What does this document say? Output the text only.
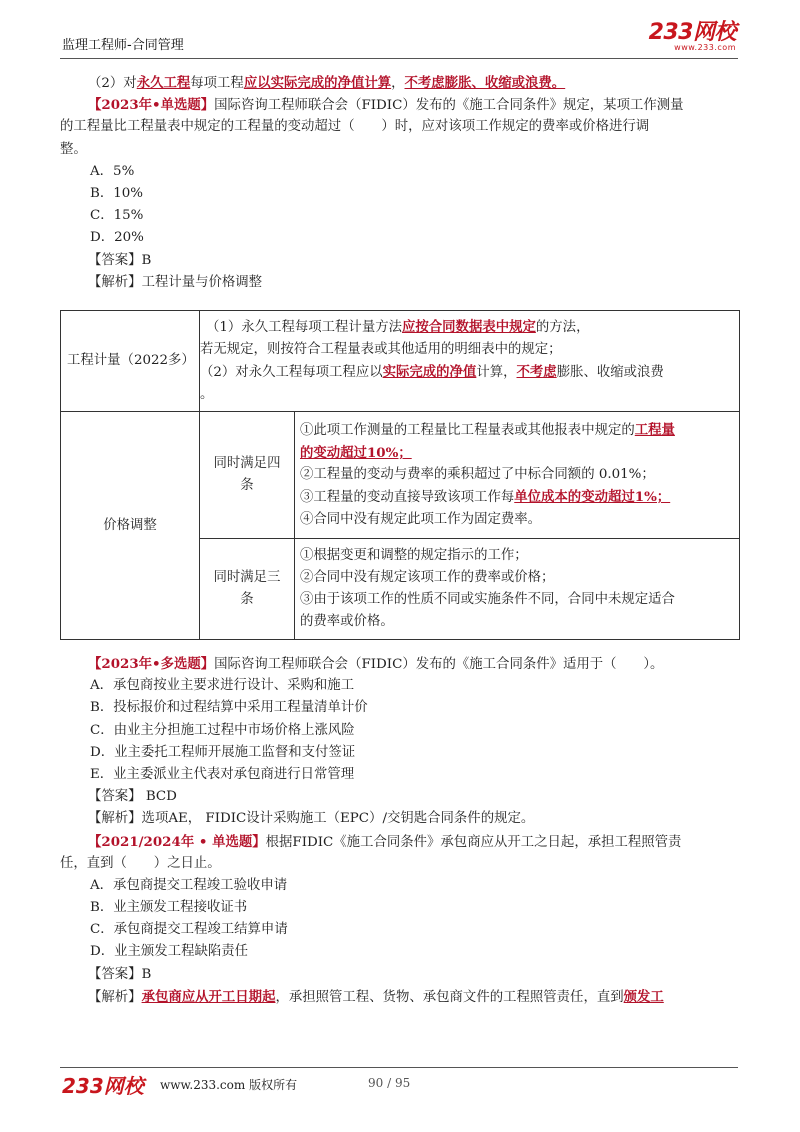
监理工程师-合同管理
233网校
www.233.com
（2）对永久工程每项工程应以实际完成的净值计算，不考虑膨胀、收缩或浪费。
【2023年•单选题】国际咨询工程师联合会（FIDIC）发布的《施工合同条件》规定，某项工作测量
的工程量比工程量表中规定的工程量的变动超过（　　）时，应对该项工作规定的费率或价格进行调
整。
A．5%
B．10%
C．15%
D．20%
【答案】B
【解析】工程计量与价格调整
工程计量（2022多）	（1）永久工程每项工程计量方法应按合同数据表中规定的方法，
若无规定，则按符合工程量表或其他适用的明细表中的规定；
（2）对永久工程每项工程应以实际完成的净值计算，不考虑膨胀、收缩或浪费
。	

价格调整	同时满足四条	①此项工作测量的工程量比工程量表或其他报表中规定的工程量
的变动超过10%；
②工程量的变动与费率的乘积超过了中标合同额的 0.01%；
③工程量的变动直接导致该项工作每单位成本的变动超过1%；
④合同中没有规定此项工作为固定费率。

	同时满足三条	①根据变更和调整的规定指示的工作；
②合同中没有规定该项工作的费率或价格；
③由于该项工作的性质不同或实施条件不同，合同中未规定适合
的费率或价格。
【2023年•多选题】国际咨询工程师联合会（FIDIC）发布的《施工合同条件》适用于（　　）。
A．承包商按业主要求进行设计、采购和施工
B．投标报价和过程结算中采用工程量清单计价
C．由业主分担施工过程中市场价格上涨风险
D．业主委托工程师开展施工监督和支付签证
E．业主委派业主代表对承包商进行日常管理
【答案】 BCD
【解析】选项AE， FIDIC设计采购施工（EPC）/交钥匙合同条件的规定。
【2021/2024年 • 单选题】根据FIDIC《施工合同条件》承包商应从开工之日起，承担工程照管责
任，直到（　　）之日止。
A．承包商提交工程竣工验收申请
B．业主颁发工程接收证书
C．承包商提交工程竣工结算申请
D．业主颁发工程缺陷责任
【答案】B
【解析】承包商应从开工日期起，承担照管工程、货物、承包商文件的工程照管责任，直到颁发工
233网校 www.233.com 版权所有	90 / 95
